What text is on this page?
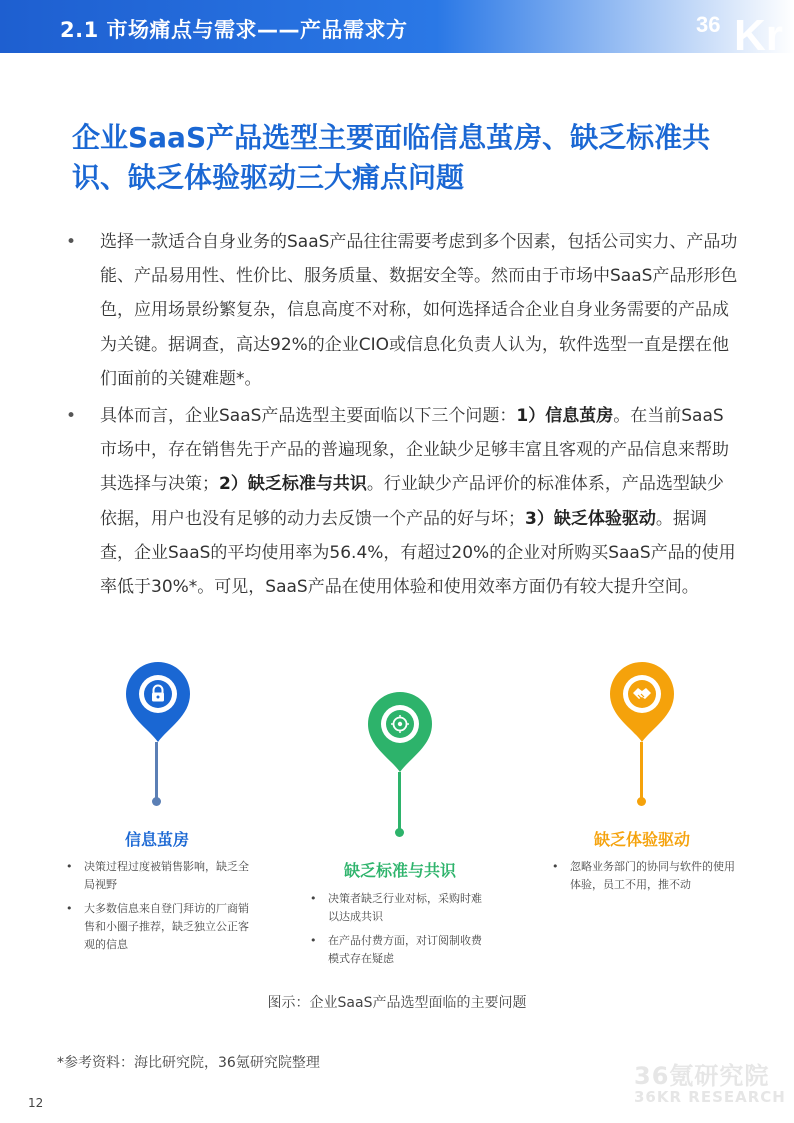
2.1 市场痛点与需求——产品需求方	36 Kr
企业SaaS产品选型主要面临信息茧房、缺乏标准共识、缺乏体验驱动三大痛点问题
• 选择一款适合自身业务的SaaS产品往往需要考虑到多个因素，包括公司实力、产品功能、产品易用性、性价比、服务质量、数据安全等。然而由于市场中SaaS产品形形色色，应用场景纷繁复杂，信息高度不对称，如何选择适合企业自身业务需要的产品成为关键。据调查，高达92%的企业CIO或信息化负责人认为，软件选型一直是摆在他们面前的关键难题*。
• 具体而言，企业SaaS产品选型主要面临以下三个问题：1）信息茧房。在当前SaaS市场中，存在销售先于产品的普遍现象，企业缺少足够丰富且客观的产品信息来帮助其选择与决策；2）缺乏标准与共识。行业缺少产品评价的标准体系，产品选型缺少依据，用户也没有足够的动力去反馈一个产品的好与坏；3）缺乏体验驱动。据调查，企业SaaS的平均使用率为56.4%，有超过20%的企业对所购买SaaS产品的使用率低于30%*。可见，SaaS产品在使用体验和使用效率方面仍有较大提升空间。
信息茧房
• 决策过程过度被销售影响，缺乏全局视野
• 大多数信息来自登门拜访的厂商销售和小圈子推荐，缺乏独立公正客观的信息
缺乏标准与共识
• 决策者缺乏行业对标，采购时难以达成共识
• 在产品付费方面，对订阅制收费模式存在疑虑
缺乏体验驱动
• 忽略业务部门的协同与软件的使用体验，员工不用，推不动
图示：企业SaaS产品选型面临的主要问题
*参考资料：海比研究院，36氪研究院整理
12
36氪研究院
36KR RESEARCH
